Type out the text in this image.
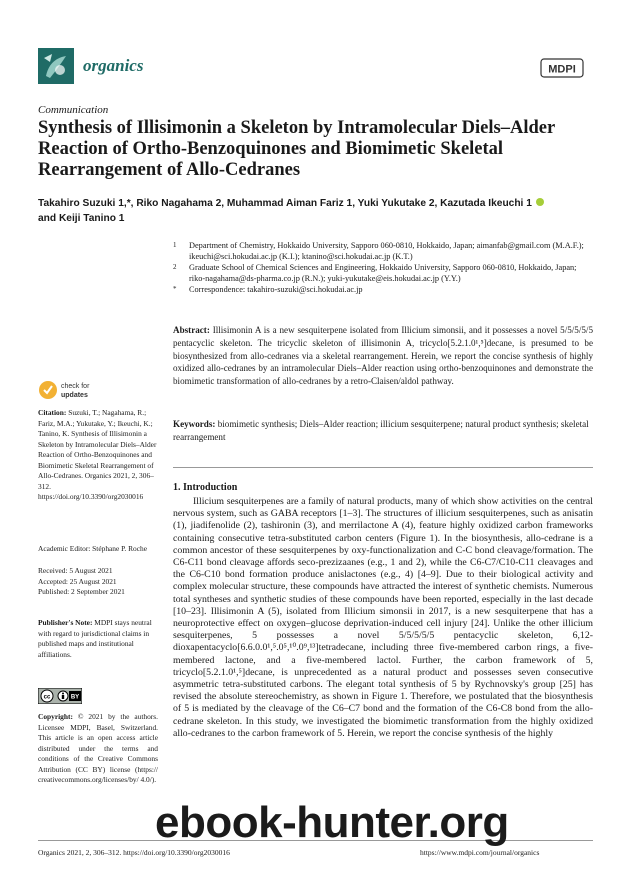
organics	MDPI
Communication
Synthesis of Illisimonin a Skeleton by Intramolecular Diels–Alder Reaction of Ortho-Benzoquinones and Biomimetic Skeletal Rearrangement of Allo-Cedranes
Takahiro Suzuki 1,*, Riko Nagahama 2, Muhammad Aiman Fariz 1, Yuki Yukutake 2, Kazutada Ikeuchi 1
and Keiji Tanino 1
1 Department of Chemistry, Hokkaido University, Sapporo 060-0810, Hokkaido, Japan; aimanfab@gmail.com (M.A.F.); ikeuchi@sci.hokudai.ac.jp (K.I.); ktanino@sci.hokudai.ac.jp (K.T.)
2 Graduate School of Chemical Sciences and Engineering, Hokkaido University, Sapporo 060-0810, Hokkaido, Japan; riko-nagahama@ds-pharma.co.jp (R.N.); yuki-yukutake@eis.hokudai.ac.jp (Y.Y.)
* Correspondence: takahiro-suzuki@sci.hokudai.ac.jp
Abstract: Illisimonin A is a new sesquiterpene isolated from Illicium simonsii, and it possesses a novel 5/5/5/5/5 pentacyclic skeleton. The tricyclic skeleton of illisimonin A, tricyclo[5.2.1.0¹,⁵]decane, is presumed to be biosynthesized from allo-cedranes via a skeletal rearrangement. Herein, we report the concise synthesis of highly oxidized allo-cedranes by an intramolecular Diels–Alder reaction using ortho-benzoquinones and demonstrate the biomimetic transformation of allo-cedranes by a retro-Claisen/aldol pathway.
Keywords: biomimetic synthesis; Diels–Alder reaction; illicium sesquiterpene; natural product synthesis; skeletal rearrangement
check for
updates
Citation: Suzuki, T.; Nagahama, R.; Fariz, M.A.; Yukutake, Y.; Ikeuchi, K.; Tanino, K. Synthesis of Illisimonin a Skeleton by Intramolecular Diels–Alder Reaction of Ortho-Benzoquinones and Biomimetic Skeletal Rearrangement of Allo-Cedranes. Organics 2021, 2, 306–312. https://doi.org/10.3390/org2030016
Academic Editor: Stéphane P. Roche
Received: 5 August 2021
Accepted: 25 August 2021
Published: 2 September 2021
Publisher's Note: MDPI stays neutral with regard to jurisdictional claims in published maps and institutional affiliations.
cc	BY
Copyright: © 2021 by the authors. Licensee MDPI, Basel, Switzerland. This article is an open access article distributed under the terms and conditions of the Creative Commons Attribution (CC BY) license (https:// creativecommons.org/licenses/by/ 4.0/).
1. Introduction
Illicium sesquiterpenes are a family of natural products, many of which show activities on the central nervous system, such as GABA receptors [1–3]. The structures of illicium sesquiterpenes, such as anisatin (1), jiadifenolide (2), tashironin (3), and merrilactone A (4), feature highly oxidized carbon frameworks containing consecutive tetra-substituted carbon centers (Figure 1). In the biosynthesis, allo-cedrane is a common ancestor of these sesquiterpenes by oxy-functionalization and C-C bond cleavage/formation. The C6-C11 bond cleavage affords seco-prezizaanes (e.g., 1 and 2), while the C6-C7/C10-C11 cleavages and the C6-C10 bond formation produce anislactones (e.g., 4) [4–9]. Due to their biological activity and complex molecular structure, these compounds have attracted the interest of synthetic chemists. Numerous total syntheses and synthetic studies of these compounds have been reported, especially in the last decade [10–23]. Illisimonin A (5), isolated from Illicium simonsii in 2017, is a new sesquiterpene that has a neuroprotective effect on oxygen–glucose deprivation-induced cell injury [24]. Unlike the other illicium sesquiterpenes, 5 possesses a novel 5/5/5/5/5 pentacyclic skeleton, 6,12-dioxapentacyclo[6.6.0.0¹,⁵.0⁵,¹⁰.0⁹,¹³]tetradecane, including three five-membered carbon rings, a five-membered lactone, and a five-membered lactol. Further, the carbon framework of 5, tricyclo[5.2.1.0¹,⁵]decane, is unprecedented as a natural product and possesses seven consecutive asymmetric tetra-substituted carbons. The elegant total synthesis of 5 by Rychnovsky's group [25] has revised the absolute stereochemistry, as shown in Figure 1. Therefore, we postulated that the biosynthesis of 5 is mediated by the cleavage of the C6–C7 bond and the formation of the C6-C8 bond from the allo-cedrane skeleton. In this study, we investigated the biomimetic transformation from the highly oxidized allo-cedranes to the carbon framework of 5. Herein, we report the concise synthesis of the highly
Organics 2021, 2, 306–312. https://doi.org/10.3390/org2030016	https://www.mdpi.com/journal/organics
ebook-hunter.org
